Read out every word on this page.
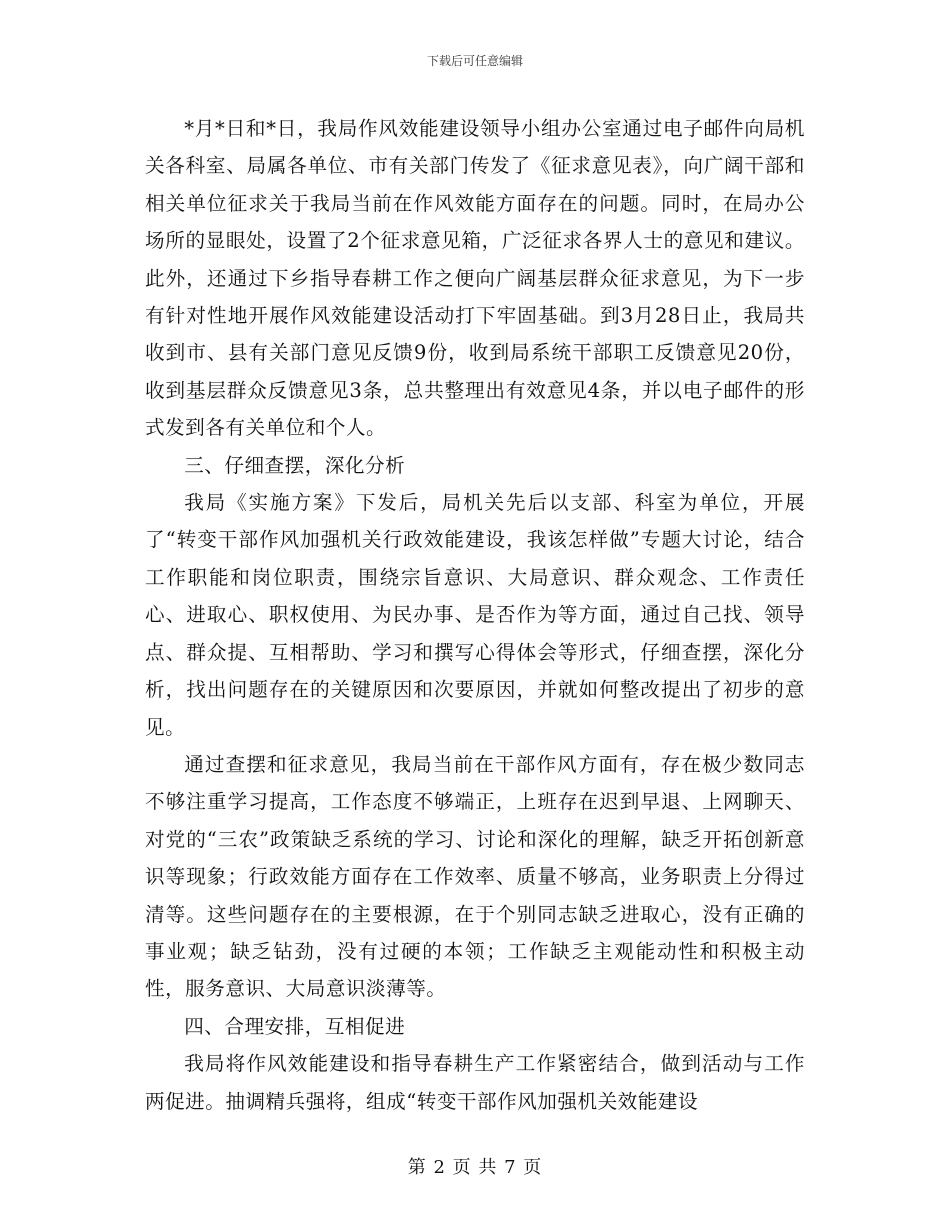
下载后可任意编辑

*月*日和*日，我局作风效能建设领导小组办公室通过电子邮件向局机关各科室、局属各单位、市有关部门传发了《征求意见表》，向广阔干部和相关单位征求关于我局当前在作风效能方面存在的问题。同时，在局办公场所的显眼处，设置了2个征求意见箱，广泛征求各界人士的意见和建议。此外，还通过下乡指导春耕工作之便向广阔基层群众征求意见，为下一步有针对性地开展作风效能建设活动打下牢固基础。到3月28日止，我局共收到市、县有关部门意见反馈9份，收到局系统干部职工反馈意见20份，收到基层群众反馈意见3条，总共整理出有效意见4条，并以电子邮件的形式发到各有关单位和个人。

三、仔细查摆，深化分析

我局《实施方案》下发后，局机关先后以支部、科室为单位，开展了“转变干部作风加强机关行政效能建设，我该怎样做”专题大讨论，结合工作职能和岗位职责，围绕宗旨意识、大局意识、群众观念、工作责任心、进取心、职权使用、为民办事、是否作为等方面，通过自己找、领导点、群众提、互相帮助、学习和撰写心得体会等形式，仔细查摆，深化分析，找出问题存在的关键原因和次要原因，并就如何整改提出了初步的意见。

通过查摆和征求意见，我局当前在干部作风方面有，存在极少数同志不够注重学习提高，工作态度不够端正，上班存在迟到早退、上网聊天、对党的“三农”政策缺乏系统的学习、讨论和深化的理解，缺乏开拓创新意识等现象；行政效能方面存在工作效率、质量不够高，业务职责上分得过清等。这些问题存在的主要根源，在于个别同志缺乏进取心，没有正确的事业观；缺乏钻劲，没有过硬的本领；工作缺乏主观能动性和积极主动性，服务意识、大局意识淡薄等。

四、合理安排，互相促进

我局将作风效能建设和指导春耕生产工作紧密结合，做到活动与工作两促进。抽调精兵强将，组成“转变干部作风加强机关效能建设

第 2 页 共 7 页
